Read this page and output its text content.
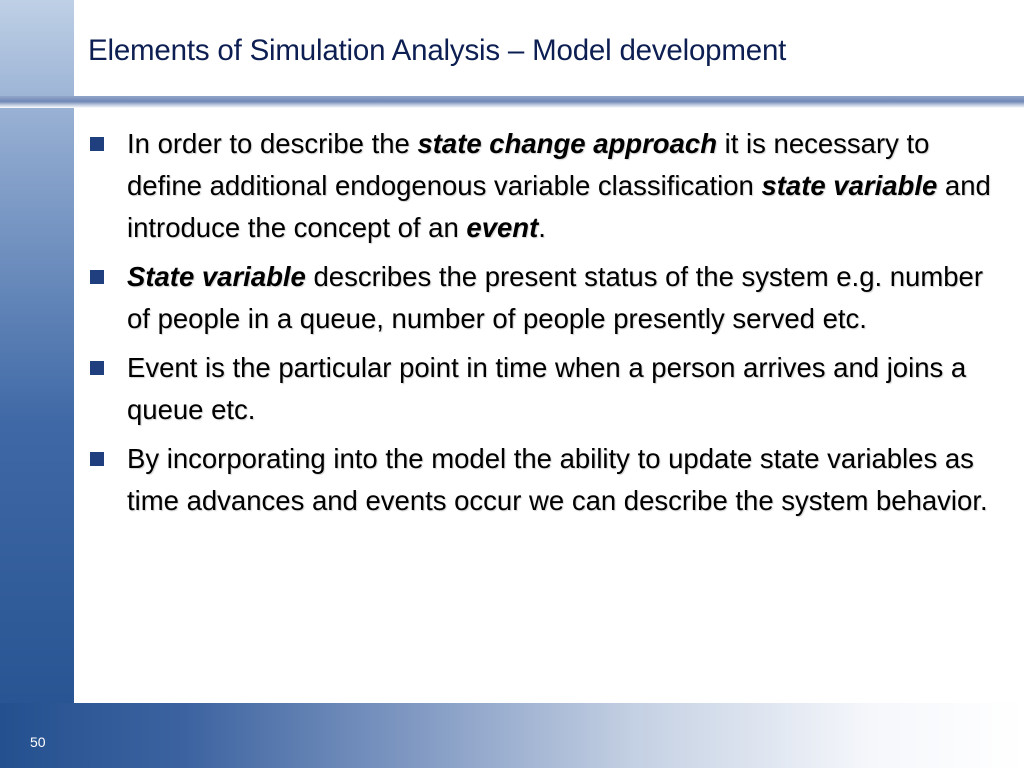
Elements of Simulation Analysis – Model development
In order to describe the state change approach it is necessary to define additional endogenous variable classification state variable and introduce the concept of an event.
State variable describes the present status of the system e.g. number of people in a queue, number of people presently served etc.
Event is the particular point in time when a person arrives and joins a queue etc.
By incorporating into the model the ability to update state variables as time advances and events occur we can describe the system behavior.
50
